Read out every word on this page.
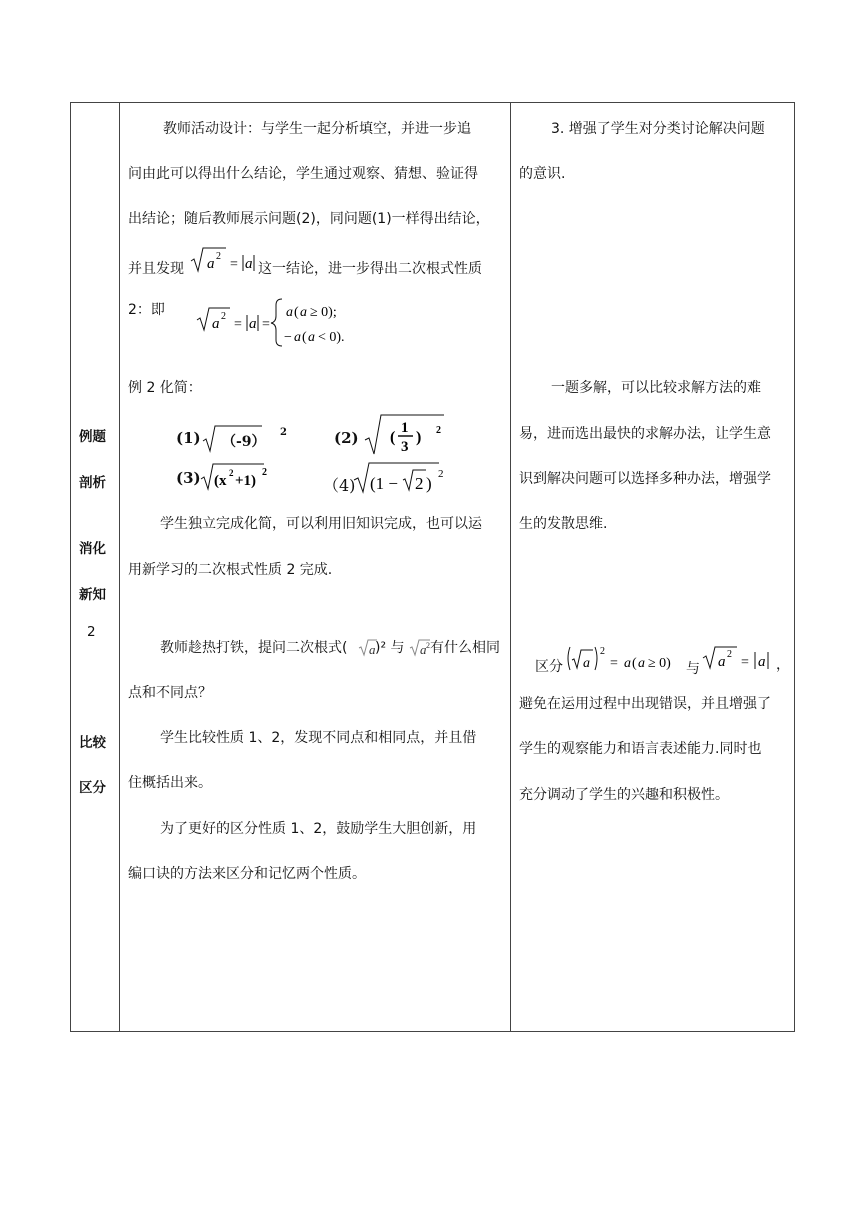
例题
剖析
消化
新知
2
比较
区分
教师活动设计：与学生一起分析填空，并进一步追
问由此可以得出什么结论，学生通过观察、猜想、验证得
出结论；随后教师展示问题(2)，同问题(1)一样得出结论，
并且发现 a 2
= a 这一结论，进一步得出二次根式性质
2：即
a 2
= a =
a ( a ≥ 0);
− a ( a < 0).
例 2 化简：
(1) （-9）
2	(2) (
1
3
) 2
(3) (x 2 +1)
2
（4) (1 − 2 ) 2
学生独立完成化简，可以利用旧知识完成，也可以运
用新学习的二次根式性质 2 完成.
教师趁热打铁，提问二次根式( a )² 与 a 2 有什么相同
点和不同点？
学生比较性质 1、2，发现不同点和相同点，并且借
住概括出来。
为了更好的区分性质 1、2，鼓励学生大胆创新，用
编口诀的方法来区分和记忆两个性质。
3. 增强了学生对分类讨论解决问题
的意识.
一题多解，可以比较求解方法的难
易，进而选出最快的求解办法，让学生意
识到解决问题可以选择多种办法，增强学
生的发散思维.
区分 a
2
= a ( a ≥ 0) 与 a 2
= a ，
避免在运用过程中出现错误，并且增强了
学生的观察能力和语言表述能力.同时也
充分调动了学生的兴趣和积极性。
